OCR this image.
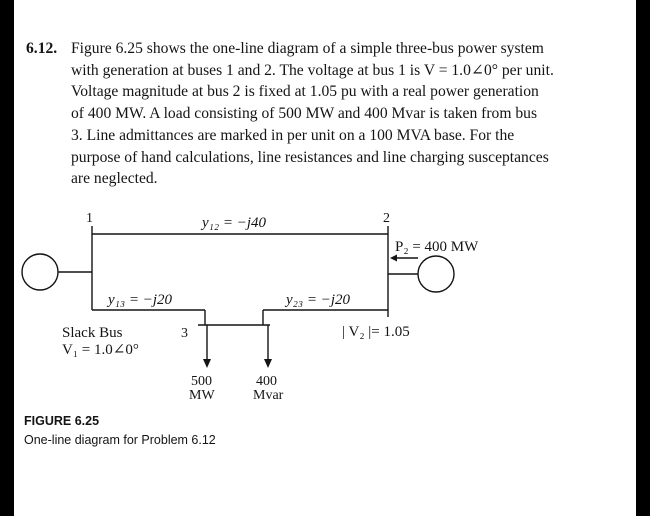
6.12. Figure 6.25 shows the one-line diagram of a simple three-bus power system
with generation at buses 1 and 2. The voltage at bus 1 is V = 1.0∠0° per unit.
Voltage magnitude at bus 2 is fixed at 1.05 pu with a real power generation
of 400 MW. A load consisting of 500 MW and 400 Mvar is taken from bus
3. Line admittances are marked in per unit on a 100 MVA base. For the
purpose of hand calculations, line resistances and line charging susceptances
are neglected.
1	2
3
y₁₂ = −j40
y₁₃ = −j20	y₂₃ = −j20
P₂ = 400 MW
| V₂ |= 1.05
Slack Bus
V₁ = 1.0∠0°
500
MW
400
Mvar
FIGURE 6.25
One-line diagram for Problem 6.12
